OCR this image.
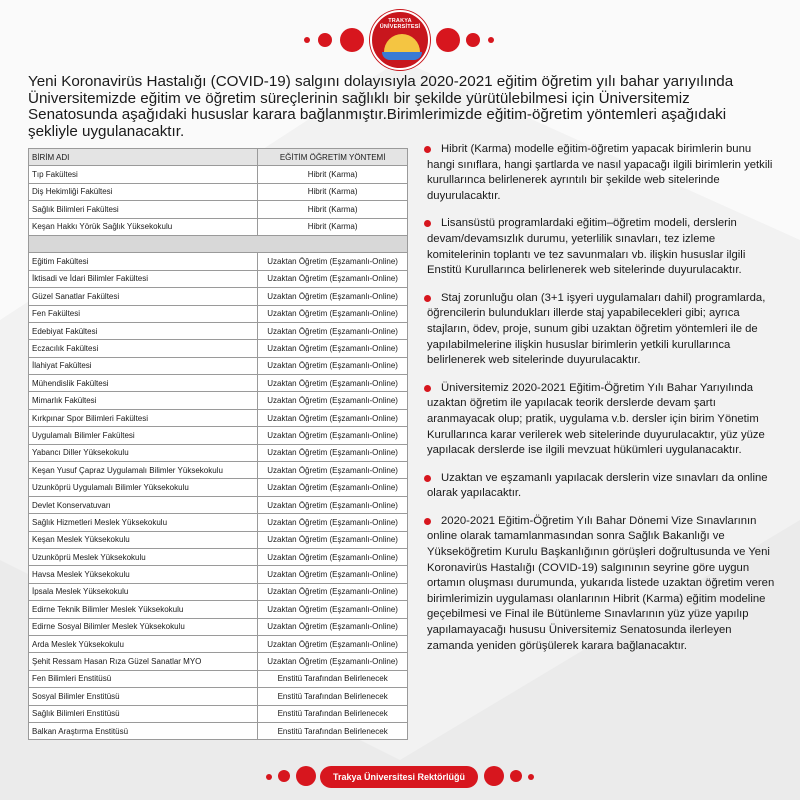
TRAKYA ÜNİVERSİTESİ

Yeni Koronavirüs Hastalığı (COVID-19) salgını dolayısıyla 2020-2021 eğitim öğretim yılı bahar yarıyılında Üniversitemizde eğitim ve öğretim süreçlerinin sağlıklı bir şekilde yürütülebilmesi için Üniversitemiz Senatosunda aşağıdaki hususlar karara bağlanmıştır.Birimlerimizde eğitim-öğretim yöntemleri aşağıdaki şekliyle uygulanacaktır.

BİRİM ADI	EĞİTİM ÖĞRETİM YÖNTEMİ
Tıp Fakültesi	Hibrit (Karma)
Diş Hekimliği Fakültesi	Hibrit (Karma)
Sağlık Bilimleri Fakültesi	Hibrit (Karma)
Keşan Hakkı Yörük Sağlık Yüksekokulu	Hibrit (Karma)

Eğitim Fakültesi	Uzaktan Öğretim (Eşzamanlı-Online)
İktisadi ve İdari Bilimler Fakültesi	Uzaktan Öğretim (Eşzamanlı-Online)
Güzel Sanatlar Fakültesi	Uzaktan Öğretim (Eşzamanlı-Online)
Fen Fakültesi	Uzaktan Öğretim (Eşzamanlı-Online)
Edebiyat Fakültesi	Uzaktan Öğretim (Eşzamanlı-Online)
Eczacılık Fakültesi	Uzaktan Öğretim (Eşzamanlı-Online)
İlahiyat Fakültesi	Uzaktan Öğretim (Eşzamanlı-Online)
Mühendislik Fakültesi	Uzaktan Öğretim (Eşzamanlı-Online)
Mimarlık Fakültesi	Uzaktan Öğretim (Eşzamanlı-Online)
Kırkpınar Spor Bilimleri Fakültesi	Uzaktan Öğretim (Eşzamanlı-Online)
Uygulamalı Bilimler Fakültesi	Uzaktan Öğretim (Eşzamanlı-Online)
Yabancı Diller Yüksekokulu	Uzaktan Öğretim (Eşzamanlı-Online)
Keşan Yusuf Çapraz Uygulamalı Bilimler Yüksekokulu	Uzaktan Öğretim (Eşzamanlı-Online)
Uzunköprü Uygulamalı Bilimler Yüksekokulu	Uzaktan Öğretim (Eşzamanlı-Online)
Devlet Konservatuvarı	Uzaktan Öğretim (Eşzamanlı-Online)
Sağlık Hizmetleri Meslek Yüksekokulu	Uzaktan Öğretim (Eşzamanlı-Online)
Keşan Meslek Yüksekokulu	Uzaktan Öğretim (Eşzamanlı-Online)
Uzunköprü Meslek Yüksekokulu	Uzaktan Öğretim (Eşzamanlı-Online)
Havsa Meslek Yüksekokulu	Uzaktan Öğretim (Eşzamanlı-Online)
İpsala Meslek Yüksekokulu	Uzaktan Öğretim (Eşzamanlı-Online)
Edirne Teknik Bilimler Meslek Yüksekokulu	Uzaktan Öğretim (Eşzamanlı-Online)
Edirne Sosyal Bilimler Meslek Yüksekokulu	Uzaktan Öğretim (Eşzamanlı-Online)
Arda Meslek Yüksekokulu	Uzaktan Öğretim (Eşzamanlı-Online)
Şehit Ressam Hasan Rıza Güzel Sanatlar MYO	Uzaktan Öğretim (Eşzamanlı-Online)
Fen Bilimleri Enstitüsü	Enstitü Tarafından Belirlenecek
Sosyal Bilimler Enstitüsü	Enstitü Tarafından Belirlenecek
Sağlık Bilimleri Enstitüsü	Enstitü Tarafından Belirlenecek
Balkan Araştırma Enstitüsü	Enstitü Tarafından Belirlenecek
Hibrit (Karma) modelle eğitim-öğretim yapacak birimlerin bunu hangi sınıflara, hangi şartlarda ve nasıl yapacağı ilgili birimlerin yetkili kurullarınca belirlenerek ayrıntılı bir şekilde web sitelerinde duyurulacaktır.
Lisansüstü programlardaki eğitim–öğretim modeli, derslerin devam/devamsızlık durumu, yeterlilik sınavları, tez izleme komitelerinin toplantı ve tez savunmaları vb. ilişkin hususlar ilgili Enstitü Kurullarınca belirlenerek web sitelerinde duyurulacaktır.
Staj zorunluğu olan (3+1 işyeri uygulamaları dahil) programlarda, öğrencilerin bulundukları illerde staj yapabilecekleri gibi; ayrıca stajların, ödev, proje, sunum gibi uzaktan öğretim yöntemleri ile de yapılabilmelerine ilişkin hususlar birimlerin yetkili kurullarınca belirlenerek web sitelerinde duyurulacaktır.
Üniversitemiz 2020-2021 Eğitim-Öğretim Yılı Bahar Yarıyılında uzaktan öğretim ile yapılacak teorik derslerde devam şartı aranmayacak olup; pratik, uygulama v.b. dersler için birim Yönetim Kurullarınca karar verilerek web sitelerinde duyurulacaktır, yüz yüze yapılacak derslerde ise ilgili mevzuat hükümleri uygulanacaktır.
Uzaktan ve eşzamanlı yapılacak derslerin vize sınavları da online olarak yapılacaktır.
2020-2021 Eğitim-Öğretim Yılı Bahar Dönemi Vize Sınavlarının online olarak tamamlanmasından sonra Sağlık Bakanlığı ve Yükseköğretim Kurulu Başkanlığının görüşleri doğrultusunda ve Yeni Koronavirüs Hastalığı (COVID-19) salgınının seyrine göre uygun ortamın oluşması durumunda, yukarıda listede uzaktan öğretim veren birimlerimizin uygulaması olanlarının Hibrit (Karma) eğitim modeline geçebilmesi ve Final ile Bütünleme Sınavlarının yüz yüze yapılıp yapılamayacağı hususu Üniversitemiz Senatosunda ilerleyen zamanda yeniden görüşülerek karara bağlanacaktır.
Trakya Üniversitesi Rektörlüğü
